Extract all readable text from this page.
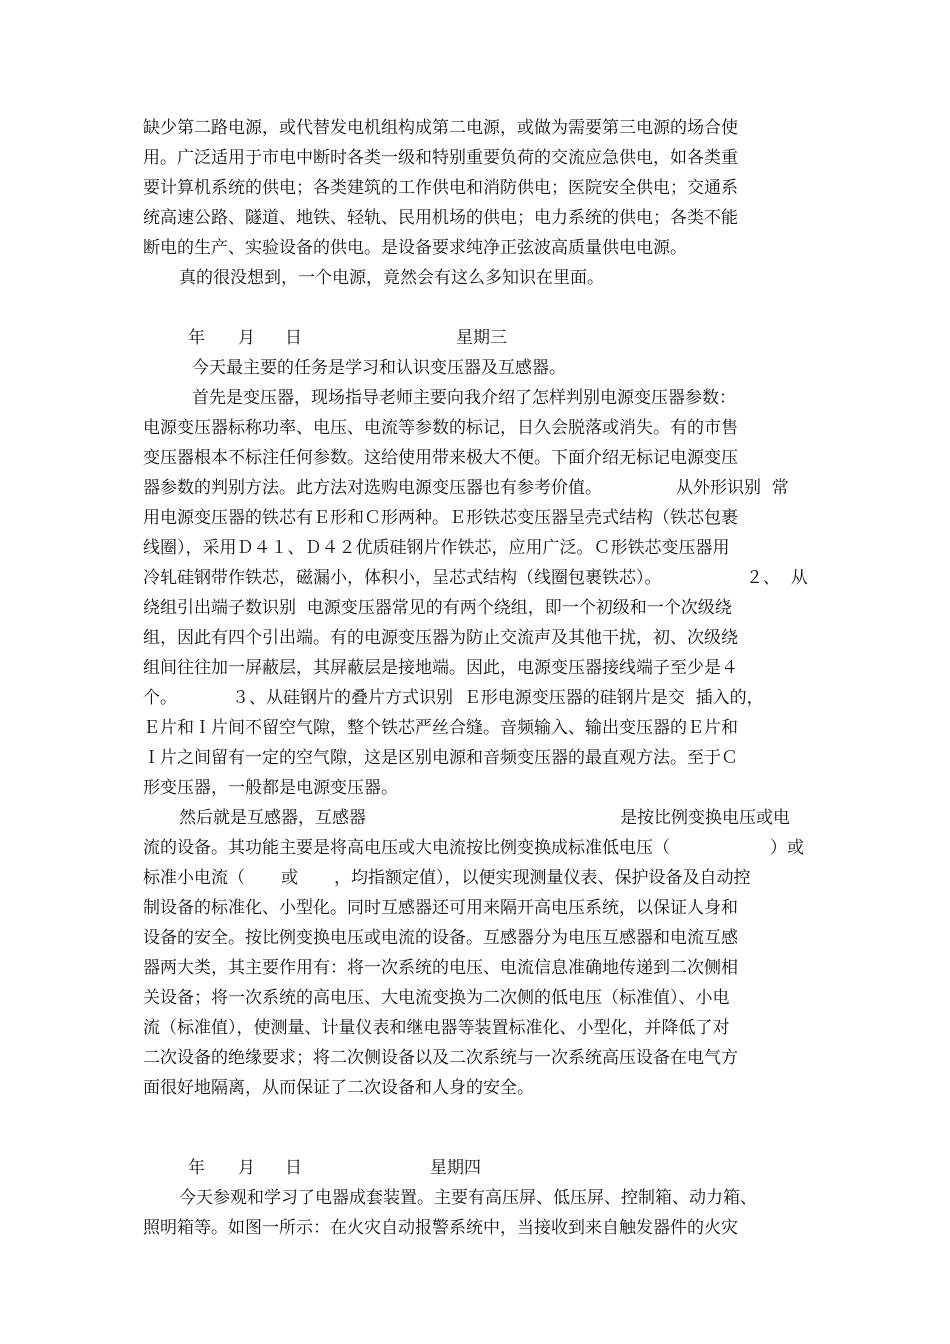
缺少第二路电源，或代替发电机组构成第二电源，或做为需要第三电源的场合使
用。广泛适用于市电中断时各类一级和特别重要负荷的交流应急供电，如各类重
要计算机系统的供电；各类建筑的工作供电和消防供电；医院安全供电；交通系
统高速公路、隧道、地铁、轻轨、民用机场的供电；电力系统的供电；各类不能
断电的生产、实验设备的供电。是设备要求纯净正弦波高质量供电电源。
真的很没想到，一个电源，竟然会有这么多知识在里面。
年 月 日	星期三
今天最主要的任务是学习和认识变压器及互感器。
首先是变压器，现场指导老师主要向我介绍了怎样判别电源变压器参数：
电源变压器标称功率、电压、电流等参数的标记，日久会脱落或消失。有的市售
变压器根本不标注任何参数。这给使用带来极大不便。下面介绍无标记电源变压
器参数的判别方法。此方法对选购电源变压器也有参考价值。	从外形识别  常
用电源变压器的铁芯有Ｅ形和Ｃ形两种。Ｅ形铁芯变压器呈壳式结构（铁芯包裹
线圈），采用Ｄ４１、Ｄ４２优质硅钢片作铁芯，应用广泛。Ｃ形铁芯变压器用
冷轧硅钢带作铁芯，磁漏小，体积小，呈芯式结构（线圈包裹铁芯）。	２、  从
绕组引出端子数识别  电源变压器常见的有两个绕组，即一个初级和一个次级绕
组，因此有四个引出端。有的电源变压器为防止交流声及其他干扰，初、次级绕
组间往往加一屏蔽层，其屏蔽层是接地端。因此，电源变压器接线端子至少是４
个。	３、从硅钢片的叠片方式识别  Ｅ形电源变压器的硅钢片是交  插入的，
Ｅ片和Ｉ片间不留空气隙，整个铁芯严丝合缝。音频输入、输出变压器的Ｅ片和
Ｉ片之间留有一定的空气隙，这是区别电源和音频变压器的最直观方法。至于Ｃ
形变压器，一般都是电源变压器。
然后就是互感器，互感器	是按比例变换电压或电
流的设备。其功能主要是将高电压或大电流按比例变换成标准低电压（	）或
标准小电流（ 或 ，均指额定值），以便实现测量仪表、保护设备及自动控
制设备的标准化、小型化。同时互感器还可用来隔开高电压系统，以保证人身和
设备的安全。按比例变换电压或电流的设备。互感器分为电压互感器和电流互感
器两大类，其主要作用有：将一次系统的电压、电流信息准确地传递到二次侧相
关设备；将一次系统的高电压、大电流变换为二次侧的低电压（标准值）、小电
流（标准值），使测量、计量仪表和继电器等装置标准化、小型化，并降低了对
二次设备的绝缘要求；将二次侧设备以及二次系统与一次系统高压设备在电气方
面很好地隔离，从而保证了二次设备和人身的安全。
年 月 日	星期四
今天参观和学习了电器成套装置。主要有高压屏、低压屏、控制箱、动力箱、
照明箱等。如图一所示：在火灾自动报警系统中，当接收到来自触发器件的火灾
